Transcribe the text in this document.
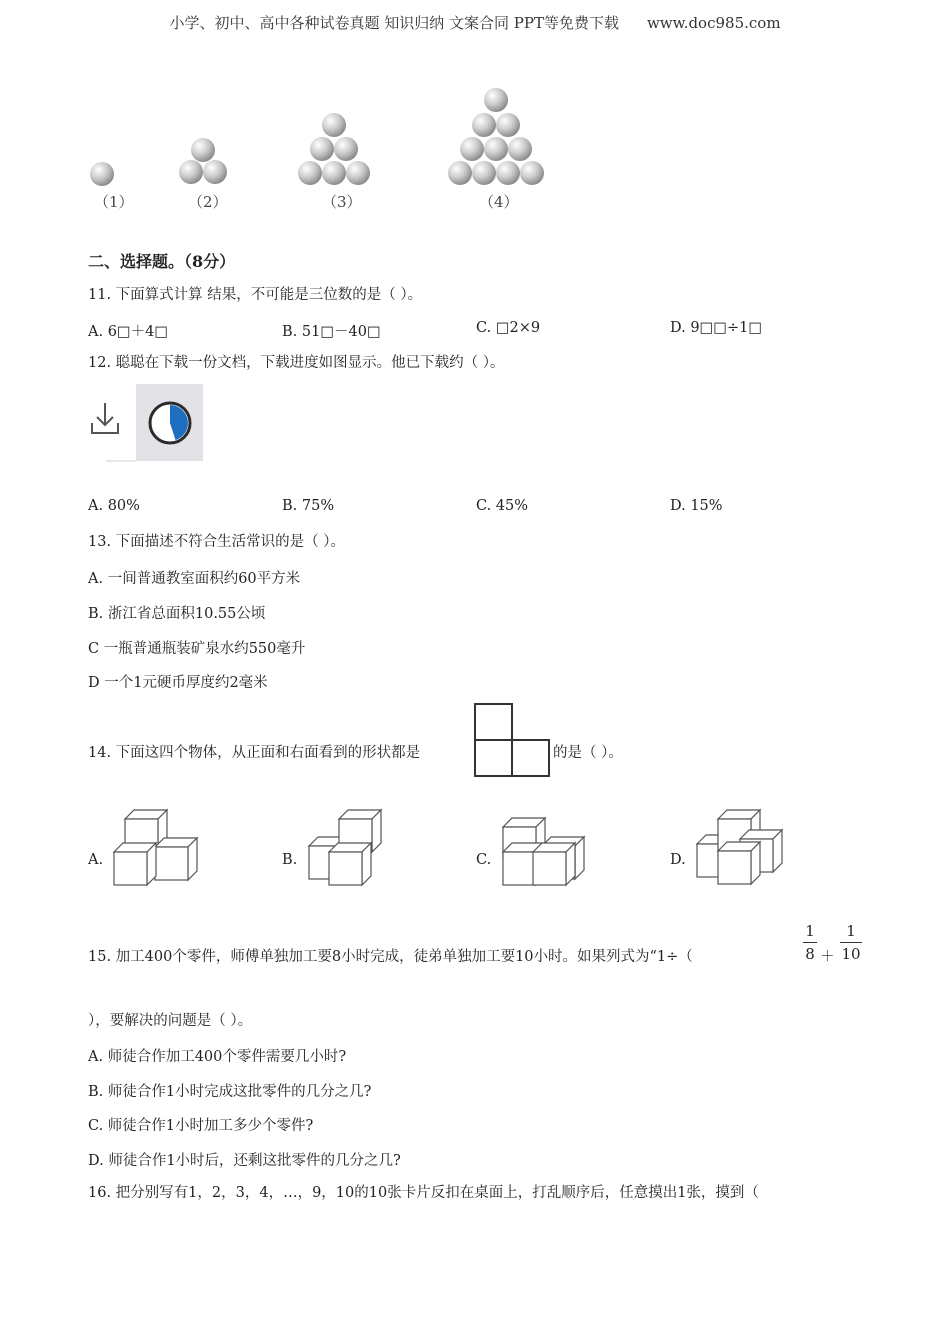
小学、初中、高中各种试卷真题 知识归纳 文案合同 PPT等免费下载 www.doc985.com
（1）	（2）	（3）	（4）
二、选择题。（8分）
11. 下面算式计算 结果，不可能是三位数的是（ ）。
A. 6□＋4□	B. 51□－40□	C. □2×9	D. 9□□÷1□
12. 聪聪在下载一份文档，下载进度如图显示。他已下载约（ ）。
A. 80%	B. 75%	C. 45%	D. 15%
13. 下面描述不符合生活常识的是（ ）。
A. 一间普通教室面积约60平方米
B. 浙江省总面积10.55公顷
C 一瓶普通瓶装矿泉水约550毫升
D 一个1元硬币厚度约2毫米
14. 下面这四个物体，从正面和右面看到的形状都是	的是（ ）。
A.	B.	C.	D.
15. 加工400个零件，师傅单独加工要8小时完成，徒弟单独加工要10小时。如果列式为“1÷（
1
8 ＋
1
10
），要解决的问题是（ ）。
A. 师徒合作加工400个零件需要几小时?
B. 师徒合作1小时完成这批零件的几分之几?
C. 师徒合作1小时加工多少个零件?
D. 师徒合作1小时后，还剩这批零件的几分之几?
16. 把分别写有1，2，3，4，…，9，10的10张卡片反扣在桌面上，打乱顺序后，任意摸出1张，摸到（
